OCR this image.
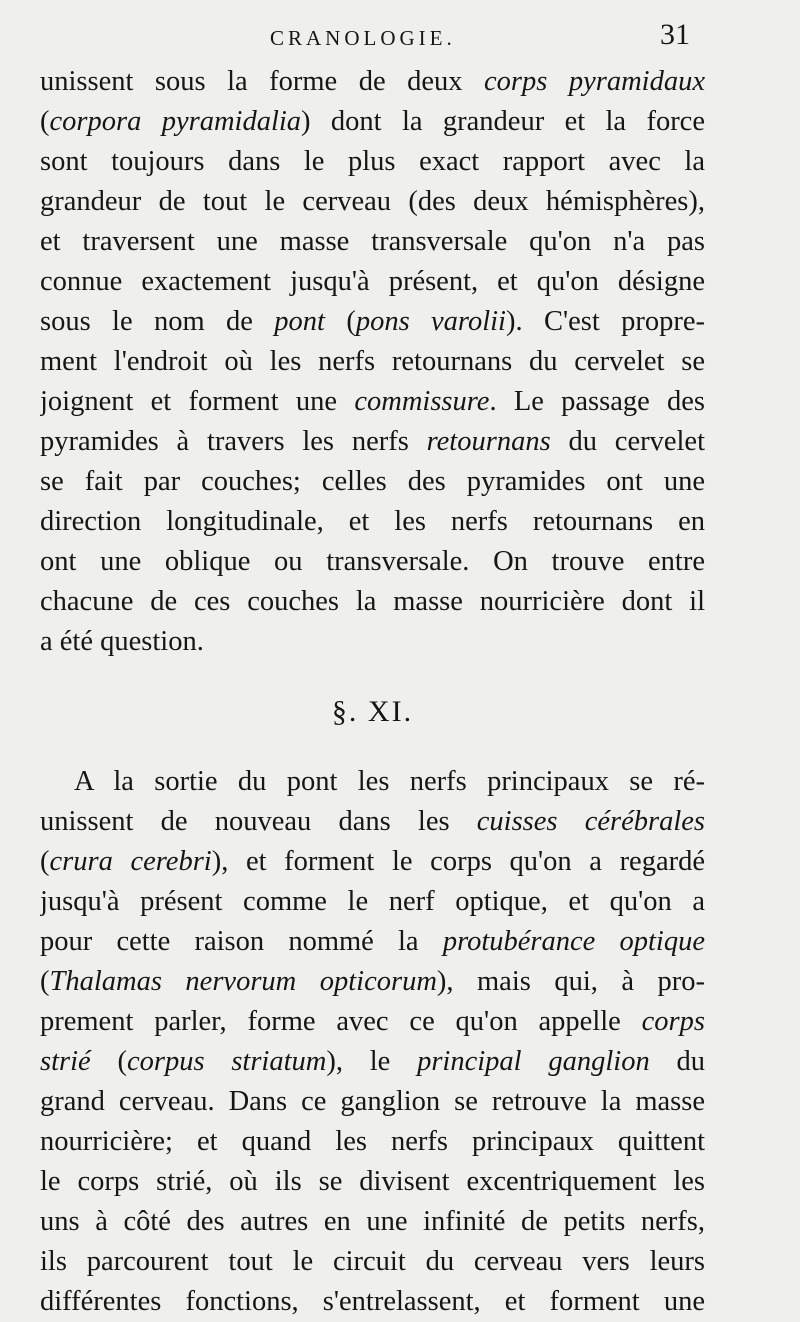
CRANOLOGIE.	31
unissent sous la forme de deux corps pyramidaux
(corpora pyramidalia) dont la grandeur et la force
sont toujours dans le plus exact rapport avec la
grandeur de tout le cerveau (des deux hémisphères),
et traversent une masse transversale qu'on n'a pas
connue exactement jusqu'à présent, et qu'on désigne
sous le nom de pont (pons varolii). C'est propre-
ment l'endroit où les nerfs retournans du cervelet se
joignent et forment une commissure. Le passage des
pyramides à travers les nerfs retournans du cervelet
se fait par couches; celles des pyramides ont une
direction longitudinale, et les nerfs retournans en
ont une oblique ou transversale. On trouve entre
chacune de ces couches la masse nourricière dont il
a été question.
§. XI.
A la sortie du pont les nerfs principaux se ré-
unissent de nouveau dans les cuisses cérébrales
(crura cerebri), et forment le corps qu'on a regardé
jusqu'à présent comme le nerf optique, et qu'on a
pour cette raison nommé la protubérance optique
(Thalamas nervorum opticorum), mais qui, à pro-
prement parler, forme avec ce qu'on appelle corps
strié (corpus striatum), le principal ganglion du
grand cerveau. Dans ce ganglion se retrouve la masse
nourricière; et quand les nerfs principaux quittent
le corps strié, où ils se divisent excentriquement les
uns à côté des autres en une infinité de petits nerfs,
ils parcourent tout le circuit du cerveau vers leurs
différentes fonctions, s'entrelassent, et forment une
